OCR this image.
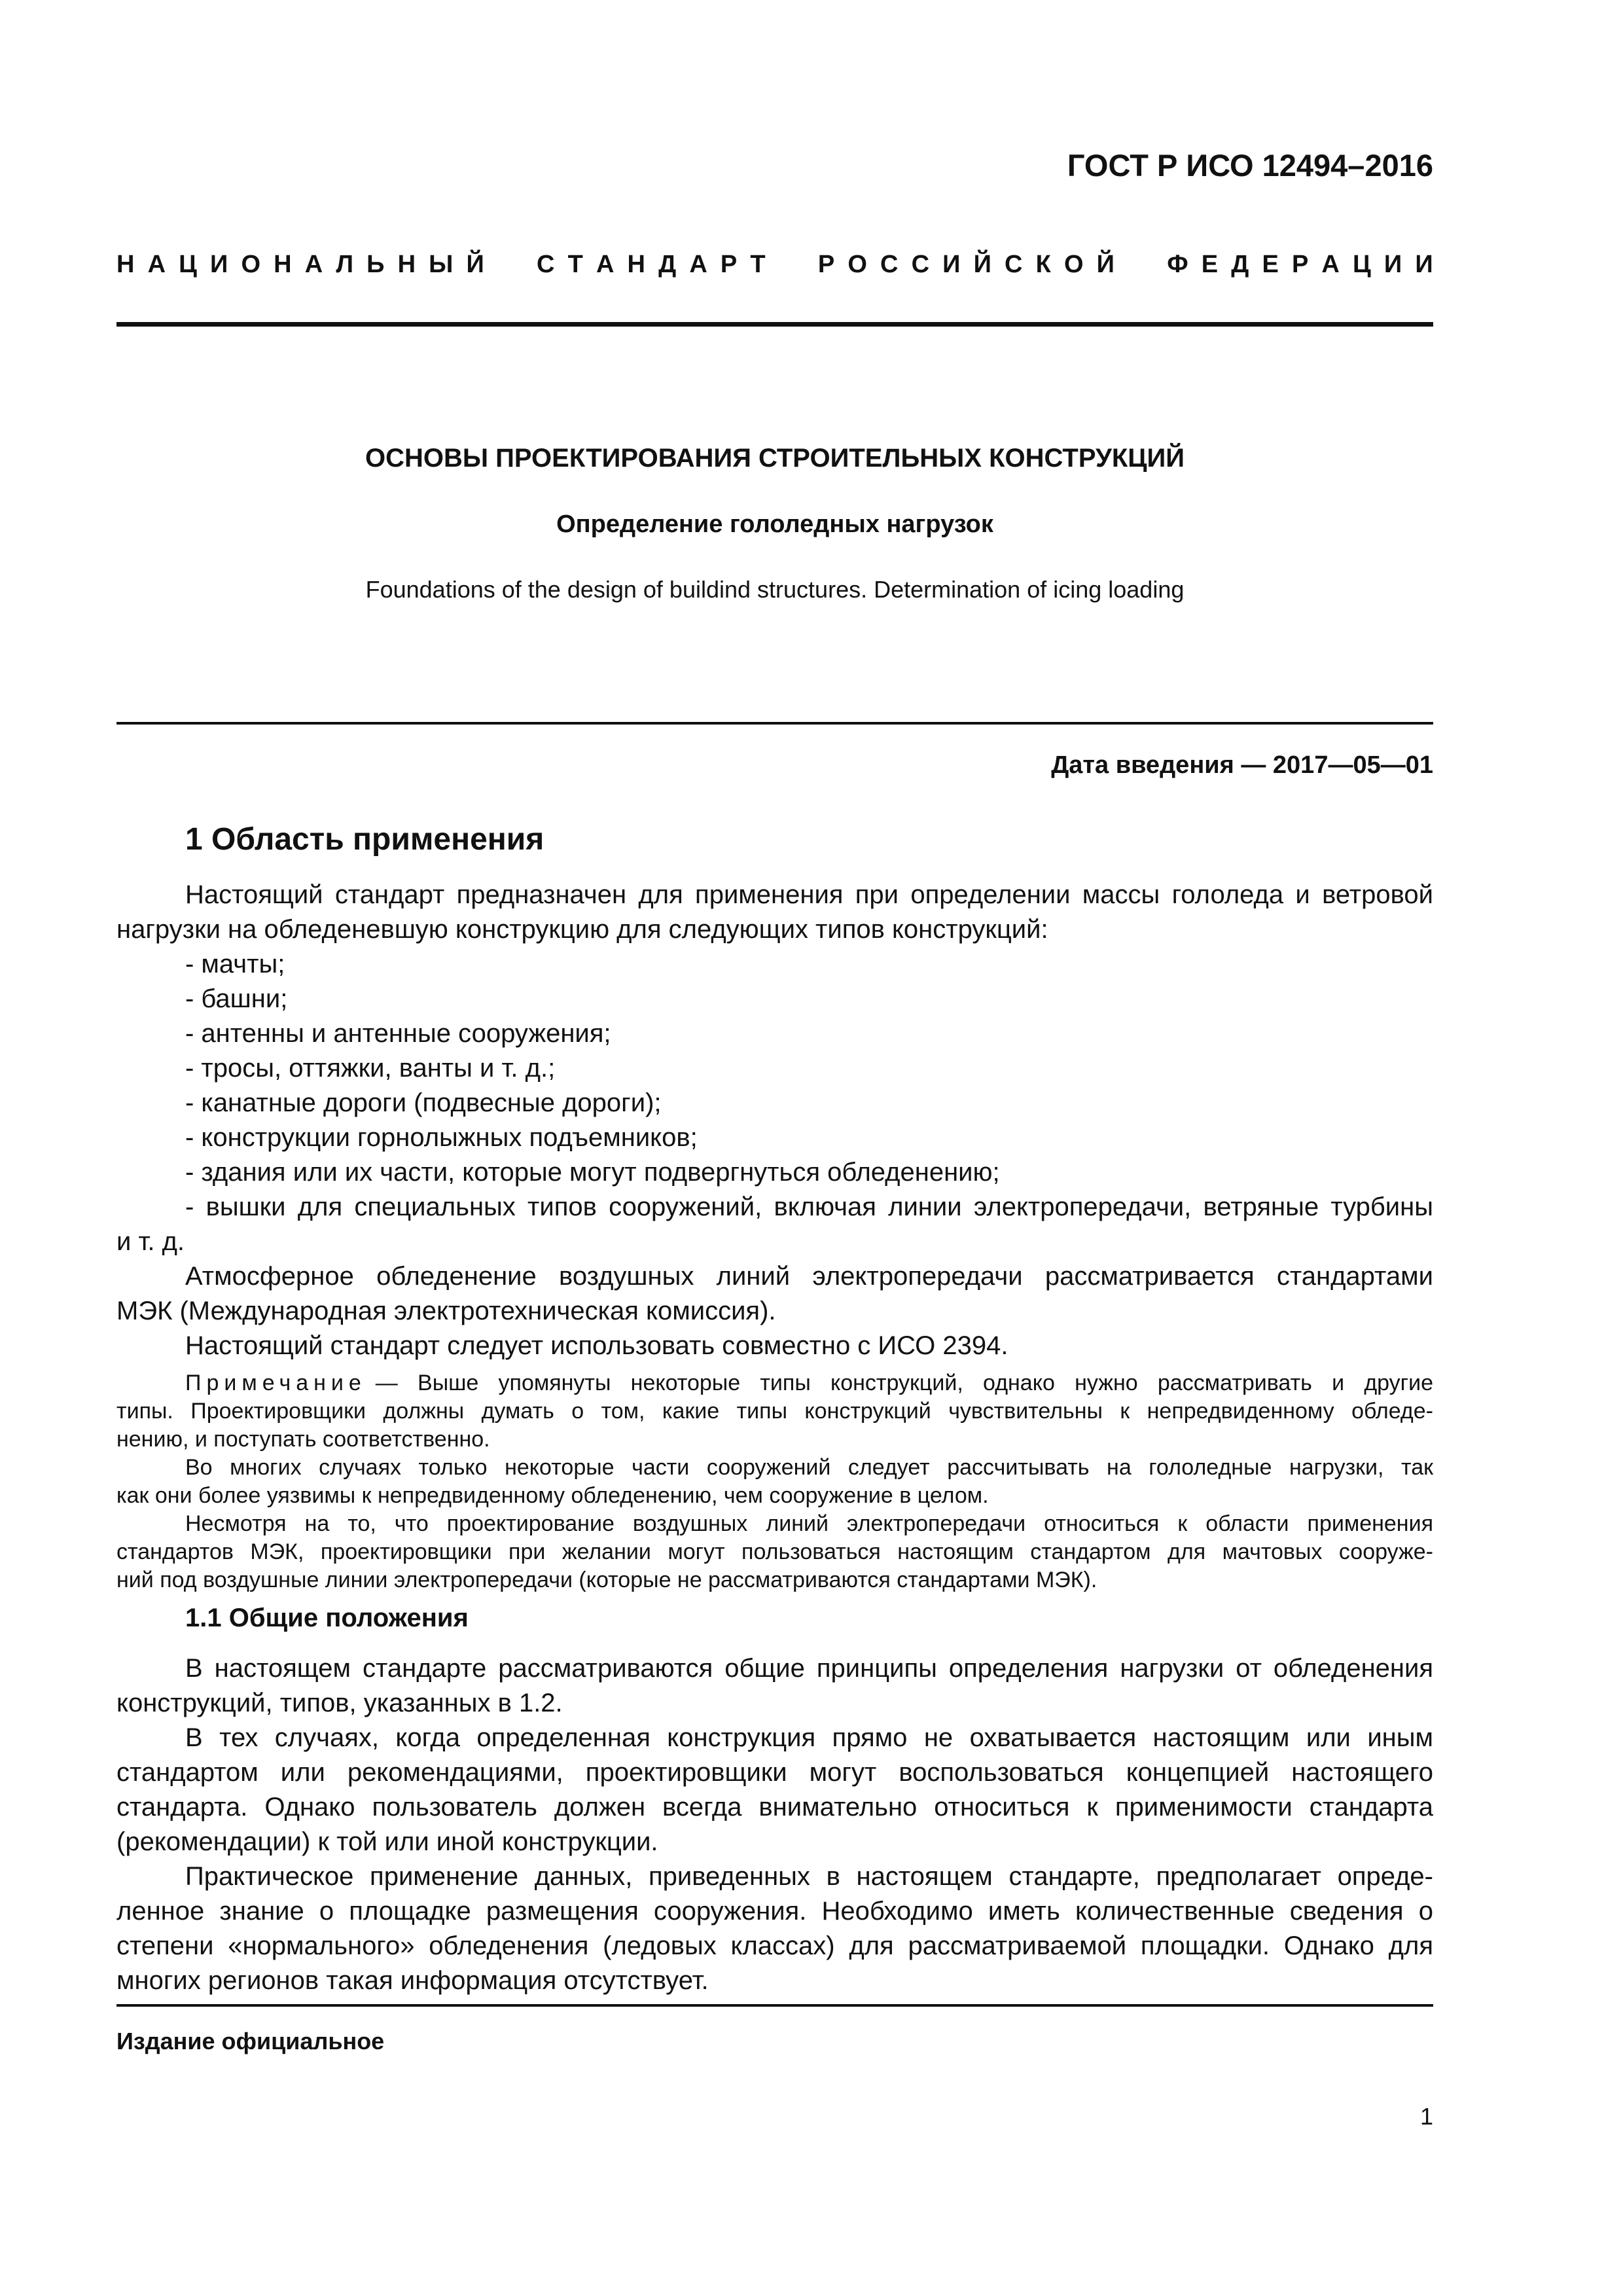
ГОСТ Р ИСО 12494–2016
Н А Ц И О Н А Л Ь Н Ы Й
С Т А Н Д А Р Т
Р О С С И Й С К О Й
Ф Е Д Е Р А Ц И И
ОСНОВЫ ПРОЕКТИРОВАНИЯ СТРОИТЕЛЬНЫХ КОНСТРУКЦИЙ
Определение гололедных нагрузок
Foundations of the design of buildind structures. Determination of icing loading
Дата введения — 2017—05—01
1 Область применения
Настоящий стандарт предназначен для применения при определении массы гололеда и ветровой
нагрузки на обледеневшую конструкцию для следующих типов конструкций:
- мачты;
- башни;
- антенны и антенные сооружения;
- тросы, оттяжки, ванты и т. д.;
- канатные дороги (подвесные дороги);
- конструкции горнолыжных подъемников;
- здания или их части, которые могут подвергнуться обледенению;
- вышки для специальных типов сооружений, включая линии электропередачи, ветряные турбины
и т. д.
Атмосферное обледенение воздушных линий электропередачи рассматривается стандартами
МЭК (Международная электротехническая комиссия).
Настоящий стандарт следует использовать совместно с ИСО 2394.
Примечание — Выше упомянуты некоторые типы конструкций, однако нужно рассматривать и другие
типы. Проектировщики должны думать о том, какие типы конструкций чувствительны к непредвиденному обледе-
нению, и поступать соответственно.
Во многих случаях только некоторые части сооружений следует рассчитывать на гололедные нагрузки, так
как они более уязвимы к непредвиденному обледенению, чем сооружение в целом.
Несмотря на то, что проектирование воздушных линий электропередачи относиться к области применения
стандартов МЭК, проектировщики при желании могут пользоваться настоящим стандартом для мачтовых сооруже-
ний под воздушные линии электропередачи (которые не рассматриваются стандартами МЭК).
1.1 Общие положения
В настоящем стандарте рассматриваются общие принципы определения нагрузки от обледенения
конструкций, типов, указанных в 1.2.
В тех случаях, когда определенная конструкция прямо не охватывается настоящим или иным
стандартом или рекомендациями, проектировщики могут воспользоваться концепцией настоящего
стандарта. Однако пользователь должен всегда внимательно относиться к применимости стандарта
(рекомендации) к той или иной конструкции.
Практическое применение данных, приведенных в настоящем стандарте, предполагает опреде-
ленное знание о площадке размещения сооружения. Необходимо иметь количественные сведения о
степени «нормального» обледенения (ледовых классах) для рассматриваемой площадки. Однако для
многих регионов такая информация отсутствует.
Издание официальное
1
